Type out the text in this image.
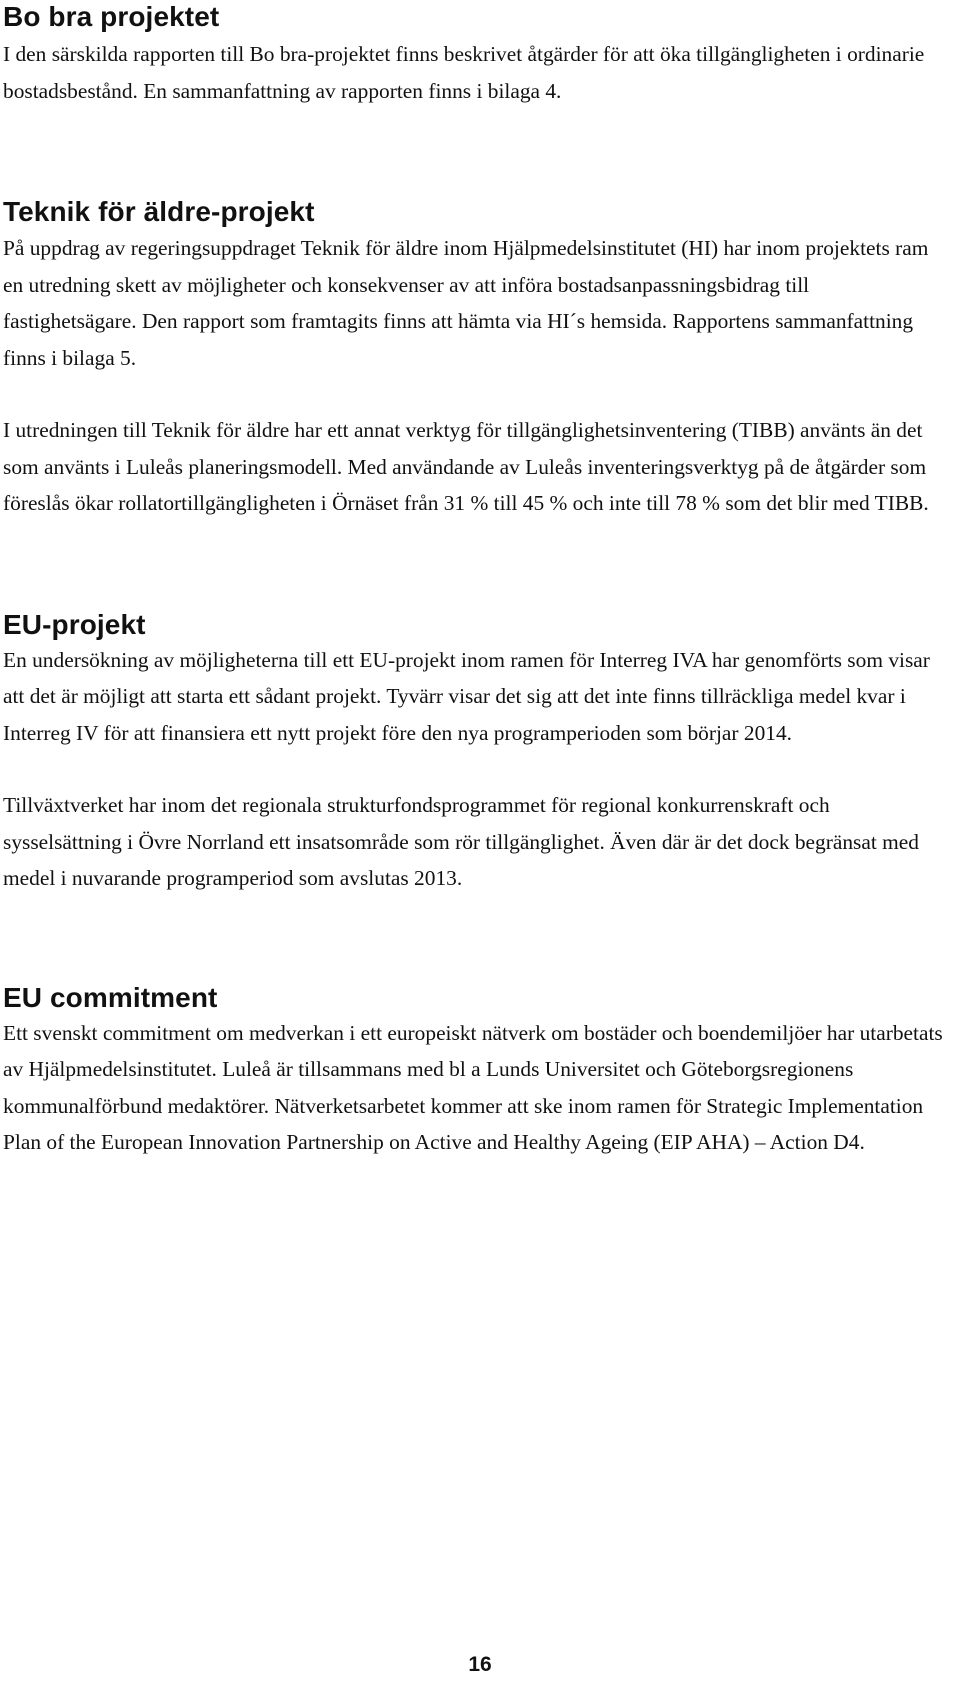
Bo bra projektet

I den särskilda rapporten till Bo bra-projektet finns beskrivet åtgärder för att öka tillgängligheten i ordinarie bostadsbestånd. En sammanfattning av rapporten finns i bilaga 4.

Teknik för äldre-projekt

På uppdrag av regeringsuppdraget Teknik för äldre inom Hjälpmedelsinstitutet (HI) har inom projektets ram en utredning skett av möjligheter och konsekvenser av att införa bostadsanpassningsbidrag till fastighetsägare. Den rapport som framtagits finns att hämta via HI´s hemsida. Rapportens sammanfattning finns i bilaga 5.

I utredningen till Teknik för äldre har ett annat verktyg för tillgänglighetsinventering (TIBB) använts än det som använts i Luleås planeringsmodell. Med användande av Luleås inventeringsverktyg på de åtgärder som föreslås ökar rollatortillgängligheten i Örnäset från 31 % till 45 % och inte till 78 % som det blir med TIBB.

EU-projekt

En undersökning av möjligheterna till ett EU-projekt inom ramen för Interreg IVA har genomförts som visar att det är möjligt att starta ett sådant projekt. Tyvärr visar det sig att det inte finns tillräckliga medel kvar i Interreg IV för att finansiera ett nytt projekt före den nya programperioden som börjar 2014.

Tillväxtverket har inom det regionala strukturfondsprogrammet för regional konkurrenskraft och sysselsättning i Övre Norrland ett insatsområde som rör tillgänglighet. Även där är det dock begränsat med medel i nuvarande programperiod som avslutas 2013.

EU commitment

Ett svenskt commitment om medverkan i ett europeiskt nätverk om bostäder och boendemiljöer har utarbetats av Hjälpmedelsinstitutet. Luleå är tillsammans med bl a Lunds Universitet och Göteborgsregionens kommunalförbund medaktörer. Nätverketsarbetet kommer att ske inom ramen för Strategic Implementation Plan of the European Innovation Partnership on Active and Healthy Ageing (EIP AHA) – Action D4.

16
